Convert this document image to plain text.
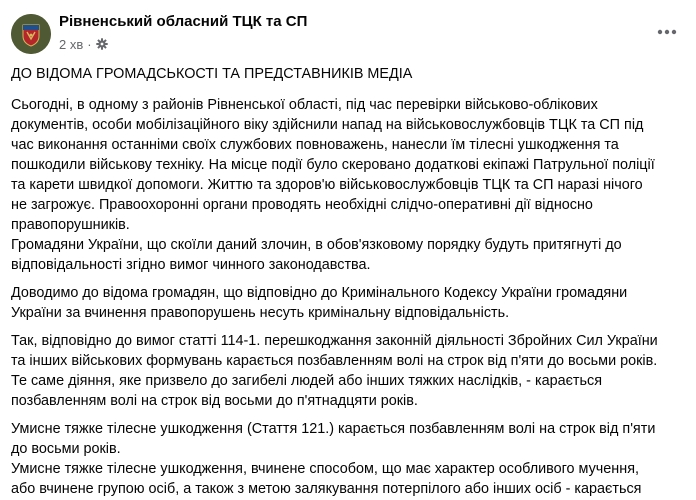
Рівненський обласний ТЦК та СП
2 хв ·

ДО ВІДОМА ГРОМАДСЬКОСТІ ТА ПРЕДСТАВНИКІВ МЕДІА

Сьогодні, в одному з районів Рівненської області, під час перевірки військово-облікових
документів, особи мобілізаційного віку здійснили напад на військовослужбовців ТЦК та СП під
час виконання останніми своїх службових повноважень, нанесли їм тілесні ушкодження та
пошкодили військову техніку. На місце події було скеровано додаткові екіпажі Патрульної поліції
та карети швидкої допомоги. Життю та здоров'ю військовослужбовців ТЦК та СП наразі нічого
не загрожує. Правоохоронні органи проводять необхідні слідчо-оперативні дії відносно
правопорушників.
Громадяни України, що скоїли даний злочин, в обов'язковому порядку будуть притягнуті до
відповідальності згідно вимог чинного законодавства.

Доводимо до відома громадян, що відповідно до Кримінального Кодексу України громадяни
України за вчинення правопорушень несуть кримінальну відповідальність.

Так, відповідно до вимог статті 114-1. перешкоджання законній діяльності Збройних Сил України
та інших військових формувань карається позбавленням волі на строк від п'яти до восьми років.
Те саме діяння, яке призвело до загибелі людей або інших тяжких наслідків, - карається
позбавленням волі на строк від восьми до п'ятнадцяти років.

Умисне тяжке тілесне ушкодження (Стаття 121.) карається позбавленням волі на строк від п'яти
до восьми років.
Умисне тяжке тілесне ушкодження, вчинене способом, що має характер особливого мучення,
або вчинене групою осіб, а також з метою залякування потерпілого або інших осіб - карається
